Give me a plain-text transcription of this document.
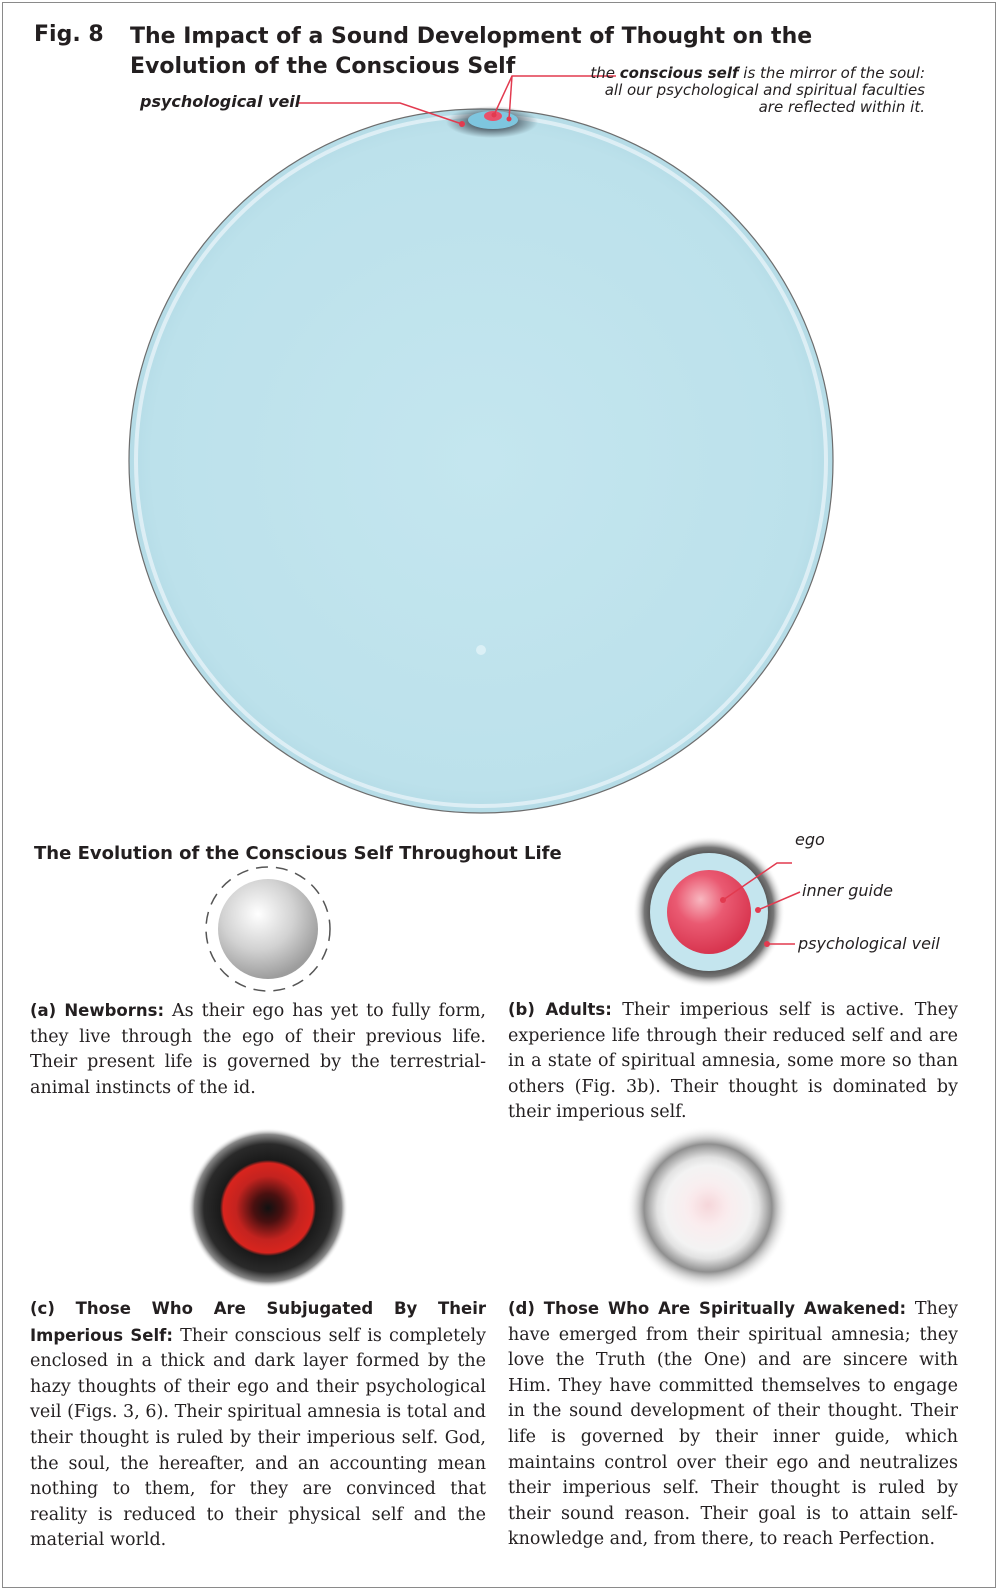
Fig. 8 The Impact of a Sound Development of Thought on the Evolution of the Conscious Self
psychological veil
the conscious self is the mirror of the soul: all our psychological and spiritual faculties are reflected within it.
The Evolution of the Conscious Self Throughout Life
ego
inner guide
psychological veil

(a) Newborns: As their ego has yet to fully form, they live through the ego of their previous life. Their present life is governed by the terrestrial-animal instincts of the id.

(b) Adults: Their imperious self is active. They experience life through their reduced self and are in a state of spiritual amnesia, some more so than others (Fig. 3b). Their thought is dominated by their imperious self.

(c) Those Who Are Subjugated By Their Imperious Self: Their conscious self is completely enclosed in a thick and dark layer formed by the hazy thoughts of their ego and their psychological veil (Figs. 3, 6). Their spiritual amnesia is total and their thought is ruled by their imperious self. God, the soul, the hereafter, and an accounting mean nothing to them, for they are convinced that reality is reduced to their physical self and the material world.

(d) Those Who Are Spiritually Awakened: They have emerged from their spiritual amnesia; they love the Truth (the One) and are sincere with Him. They have committed themselves to engage in the sound development of their thought. Their life is governed by their inner guide, which maintains control over their ego and neutralizes their imperious self. Their thought is ruled by their sound reason. Their goal is to attain self-knowledge and, from there, to reach Perfection.
